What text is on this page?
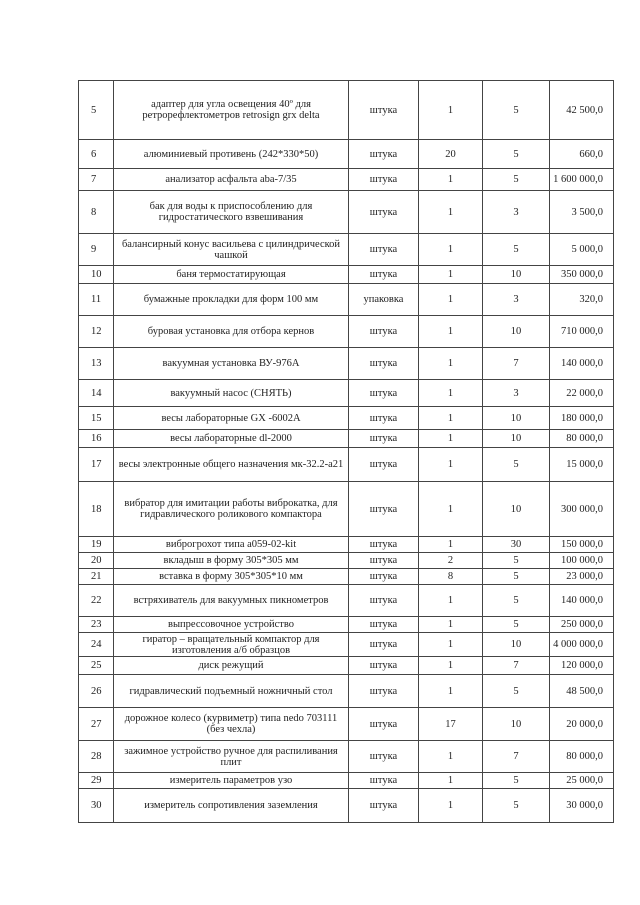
5	адаптер для угла освещения 40º для ретрорефлектометров retrosign grx delta	штука	1	5	42 500,0
6	алюминиевый противень (242*330*50)	штука	20	5	660,0
7	анализатор асфальта aba-7/35	штука	1	5	1 600 000,0
8	бак для воды к приспособлению для гидростатического взвешивания	штука	1	3	3 500,0
9	балансирный конус васильева с цилиндрической чашкой	штука	1	5	5 000,0
10	баня термостатирующая	штука	1	10	350 000,0
11	бумажные прокладки для форм 100 мм	упаковка	1	3	320,0
12	буровая установка для отбора кернов	штука	1	10	710 000,0
13	вакуумная установка ВУ-976А	штука	1	7	140 000,0
14	вакуумный насос (СНЯТЬ)	штука	1	3	22 000,0
15	весы лабораторные GX -6002A	штука	1	10	180 000,0
16	весы лабораторные dl-2000	штука	1	10	80 000,0
17	весы электронные общего назначения мк-32.2-а21	штука	1	5	15 000,0
18	вибратор для имитации работы виброкатка, для гидравлического роликового компактора	штука	1	10	300 000,0
19	виброгрохот типа а059-02-kit	штука	1	30	150 000,0
20	вкладыш в форму 305*305 мм	штука	2	5	100 000,0
21	вставка в форму 305*305*10 мм	штука	8	5	23 000,0
22	встряхиватель для вакуумных пикнометров	штука	1	5	140 000,0
23	выпрессовочное устройство	штука	1	5	250 000,0
24	гиратор – вращательный компактор для изготовления а/б образцов	штука	1	10	4 000 000,0
25	диск режущий	штука	1	7	120 000,0
26	гидравлический подъемный ножничный стол	штука	1	5	48 500,0
27	дорожное колесо (курвиметр) типа nedo 703111 (без чехла)	штука	17	10	20 000,0
28	зажимное устройство ручное для распиливания плит	штука	1	7	80 000,0
29	измеритель параметров узо	штука	1	5	25 000,0
30	измеритель сопротивления заземления	штука	1	5	30 000,0
